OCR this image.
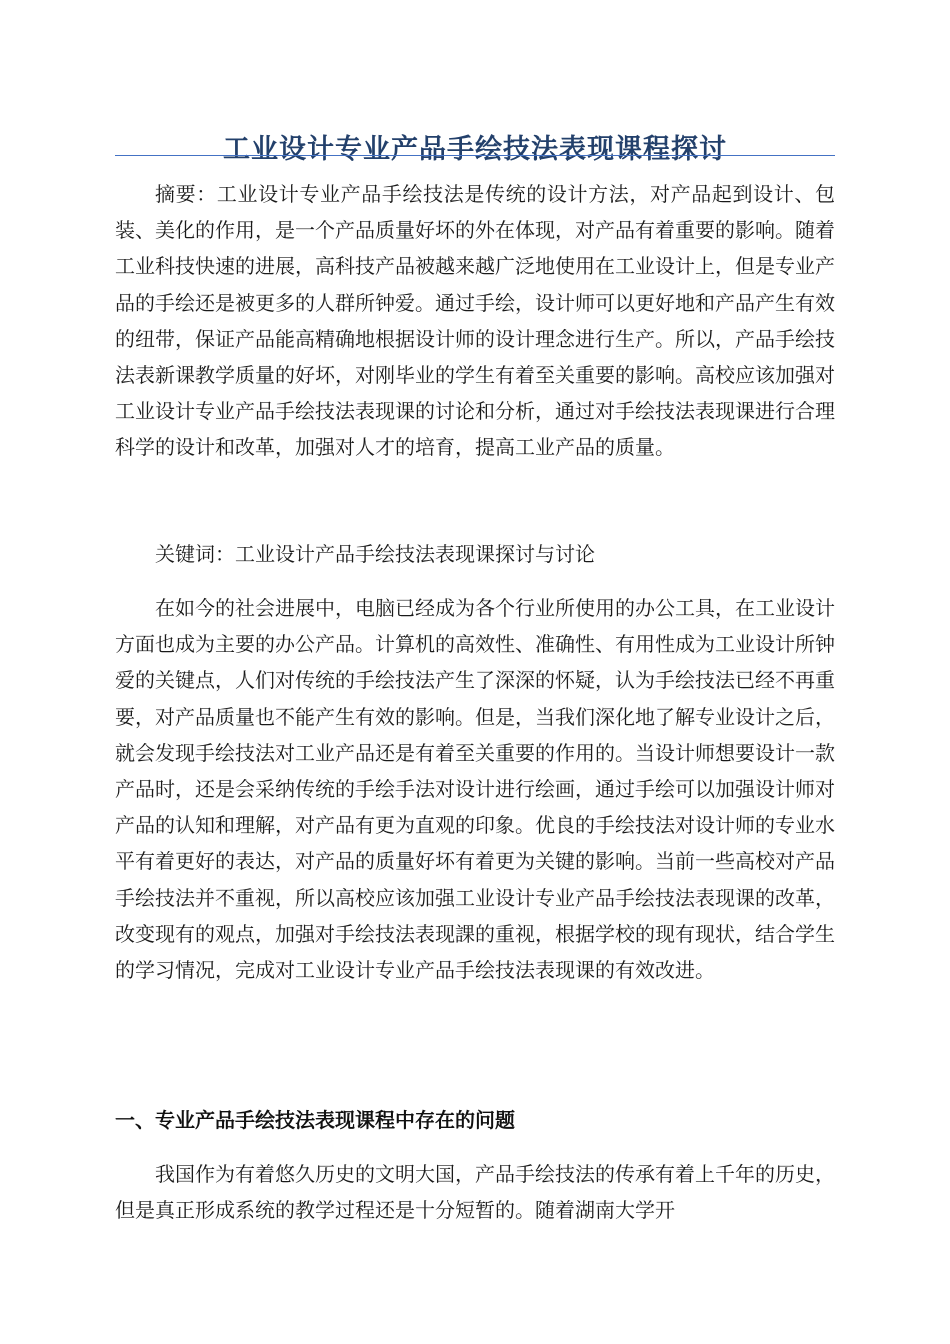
工业设计专业产品手绘技法表现课程探讨

摘要：工业设计专业产品手绘技法是传统的设计方法，对产品起到设计、包装、美化的作用，是一个产品质量好坏的外在体现，对产品有着重要的影响。随着工业科技快速的进展，高科技产品被越来越广泛地使用在工业设计上，但是专业产品的手绘还是被更多的人群所钟爱。通过手绘，设计师可以更好地和产品产生有效的纽带，保证产品能高精确地根据设计师的设计理念进行生产。所以，产品手绘技法表新课教学质量的好坏，对刚毕业的学生有着至关重要的影响。高校应该加强对工业设计专业产品手绘技法表现课的讨论和分析，通过对手绘技法表现课进行合理科学的设计和改革，加强对人才的培育，提高工业产品的质量。

关键词：工业设计产品手绘技法表现课探讨与讨论

在如今的社会进展中，电脑已经成为各个行业所使用的办公工具，在工业设计方面也成为主要的办公产品。计算机的高效性、准确性、有用性成为工业设计所钟爱的关键点，人们对传统的手绘技法产生了深深的怀疑，认为手绘技法已经不再重要，对产品质量也不能产生有效的影响。但是，当我们深化地了解专业设计之后，就会发现手绘技法对工业产品还是有着至关重要的作用的。当设计师想要设计一款产品时，还是会采纳传统的手绘手法对设计进行绘画，通过手绘可以加强设计师对产品的认知和理解，对产品有更为直观的印象。优良的手绘技法对设计师的专业水平有着更好的表达，对产品的质量好坏有着更为关键的影响。当前一些高校对产品手绘技法并不重视，所以高校应该加强工业设计专业产品手绘技法表现课的改革，改变现有的观点，加强对手绘技法表现課的重视，根据学校的现有现状，结合学生的学习情况，完成对工业设计专业产品手绘技法表现课的有效改进。

一、专业产品手绘技法表现课程中存在的问题

我国作为有着悠久历史的文明大国，产品手绘技法的传承有着上千年的历史，但是真正形成系统的教学过程还是十分短暂的。随着湖南大学开
